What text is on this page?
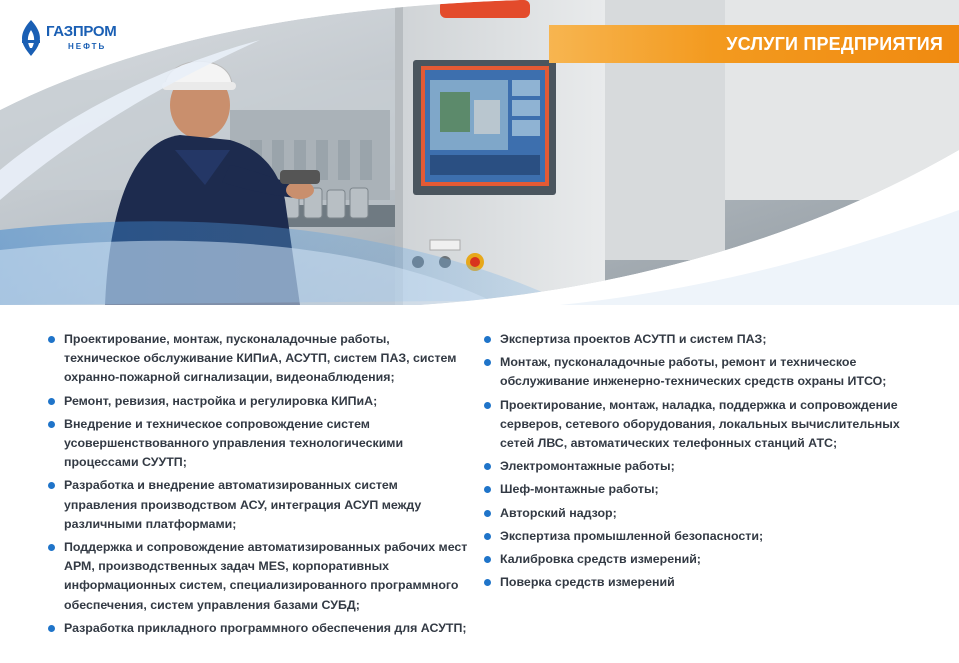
ГАЗПРОМ
НЕФТЬ	УСЛУГИ ПРЕДПРИЯТИЯ
Проектирование, монтаж, пусконаладочные работы, техническое обслуживание КИПиА, АСУТП, систем ПАЗ, систем охранно-пожарной сигнализации, видеонаблюдения;
Ремонт, ревизия, настройка и регулировка КИПиА;
Внедрение и техническое сопровождение систем усовершенствованного управления технологическими процессами СУУТП;
Разработка и внедрение автоматизированных систем управления производством АСУ, интеграция АСУП между различными платформами;
Поддержка и сопровождение автоматизированных рабочих мест АРМ, производственных задач MES, корпоративных информационных систем, специализированного программного обеспечения, систем управления базами СУБД;
Разработка прикладного программного обеспечения для АСУТП;
Экспертиза проектов АСУТП и систем ПАЗ;
Монтаж, пусконаладочные работы, ремонт и техническое обслуживание инженерно-технических средств охраны ИТСО;
Проектирование, монтаж, наладка, поддержка и сопровождение серверов, сетевого оборудования, локальных вычислительных сетей ЛВС, автоматических телефонных станций АТС;
Электромонтажные работы;
Шеф-монтажные работы;
Авторский надзор;
Экспертиза промышленной безопасности;
Калибровка средств измерений;
Поверка средств измерений
